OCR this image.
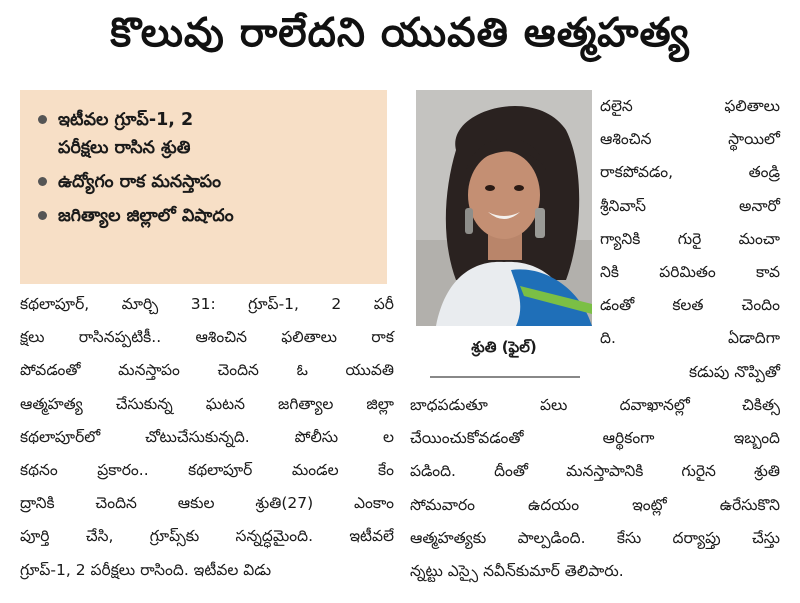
కొలువు రాలేదని యువతి ఆత్మహత్య
ఇటీవల గ్రూప్‌-1, 2
పరీక్షలు రాసిన శ్రుతి
ఉద్యోగం రాక మనస్తాపం
జగిత్యాల జిల్లాలో విషాదం

కథలాపూర్‌, మార్చి 31: గ్రూప్‌-1, 2 పరీ

క్షలు రాసినప్పటికీ.. ఆశించిన ఫలితాలు రాక

పోవడంతో మనస్తాపం చెందిన ఓ యువతి

ఆత్మహత్య చేసుకున్న ఘటన జగిత్యాల జిల్లా

కథలాపూర్‌లో చోటుచేసుకున్నది. పోలీసు ల

కథనం ప్రకారం.. కథలాపూర్‌ మండల కేం

ద్రానికి చెందిన ఆకుల శ్రుతి(27) ఎంకాం

పూర్తి చేసి, గ్రూప్స్‌కు సన్నద్ధమైంది. ఇటీవలే

గ్రూప్‌-1, 2 పరీక్షలు రాసింది. ఇటీవల విడు

శ్రుతి (ఫైల్‌)

దలైన ఫలితాలు

ఆశించిన స్థాయిలో

రాకపోవడం, తండ్రి

శ్రీనివాస్‌ అనారో

గ్యానికి గురై మంచా

నికి పరిమితం కావ

డంతో కలత చెందిం

ది. ఏడాదిగా

కడుపు నొప్పితో

బాధపడుతూ పలు దవాఖానల్లో చికిత్స

చేయించుకోవడంతో ఆర్థికంగా ఇబ్బంది

పడింది. దీంతో మనస్తాపానికి గురైన శ్రుతి

సోమవారం ఉదయం ఇంట్లో ఉరేసుకొని

ఆత్మహత్యకు పాల్పడింది. కేసు దర్యాప్తు చేస్తు

న్నట్టు ఎస్సై నవీన్‌కుమార్‌ తెలిపారు.
